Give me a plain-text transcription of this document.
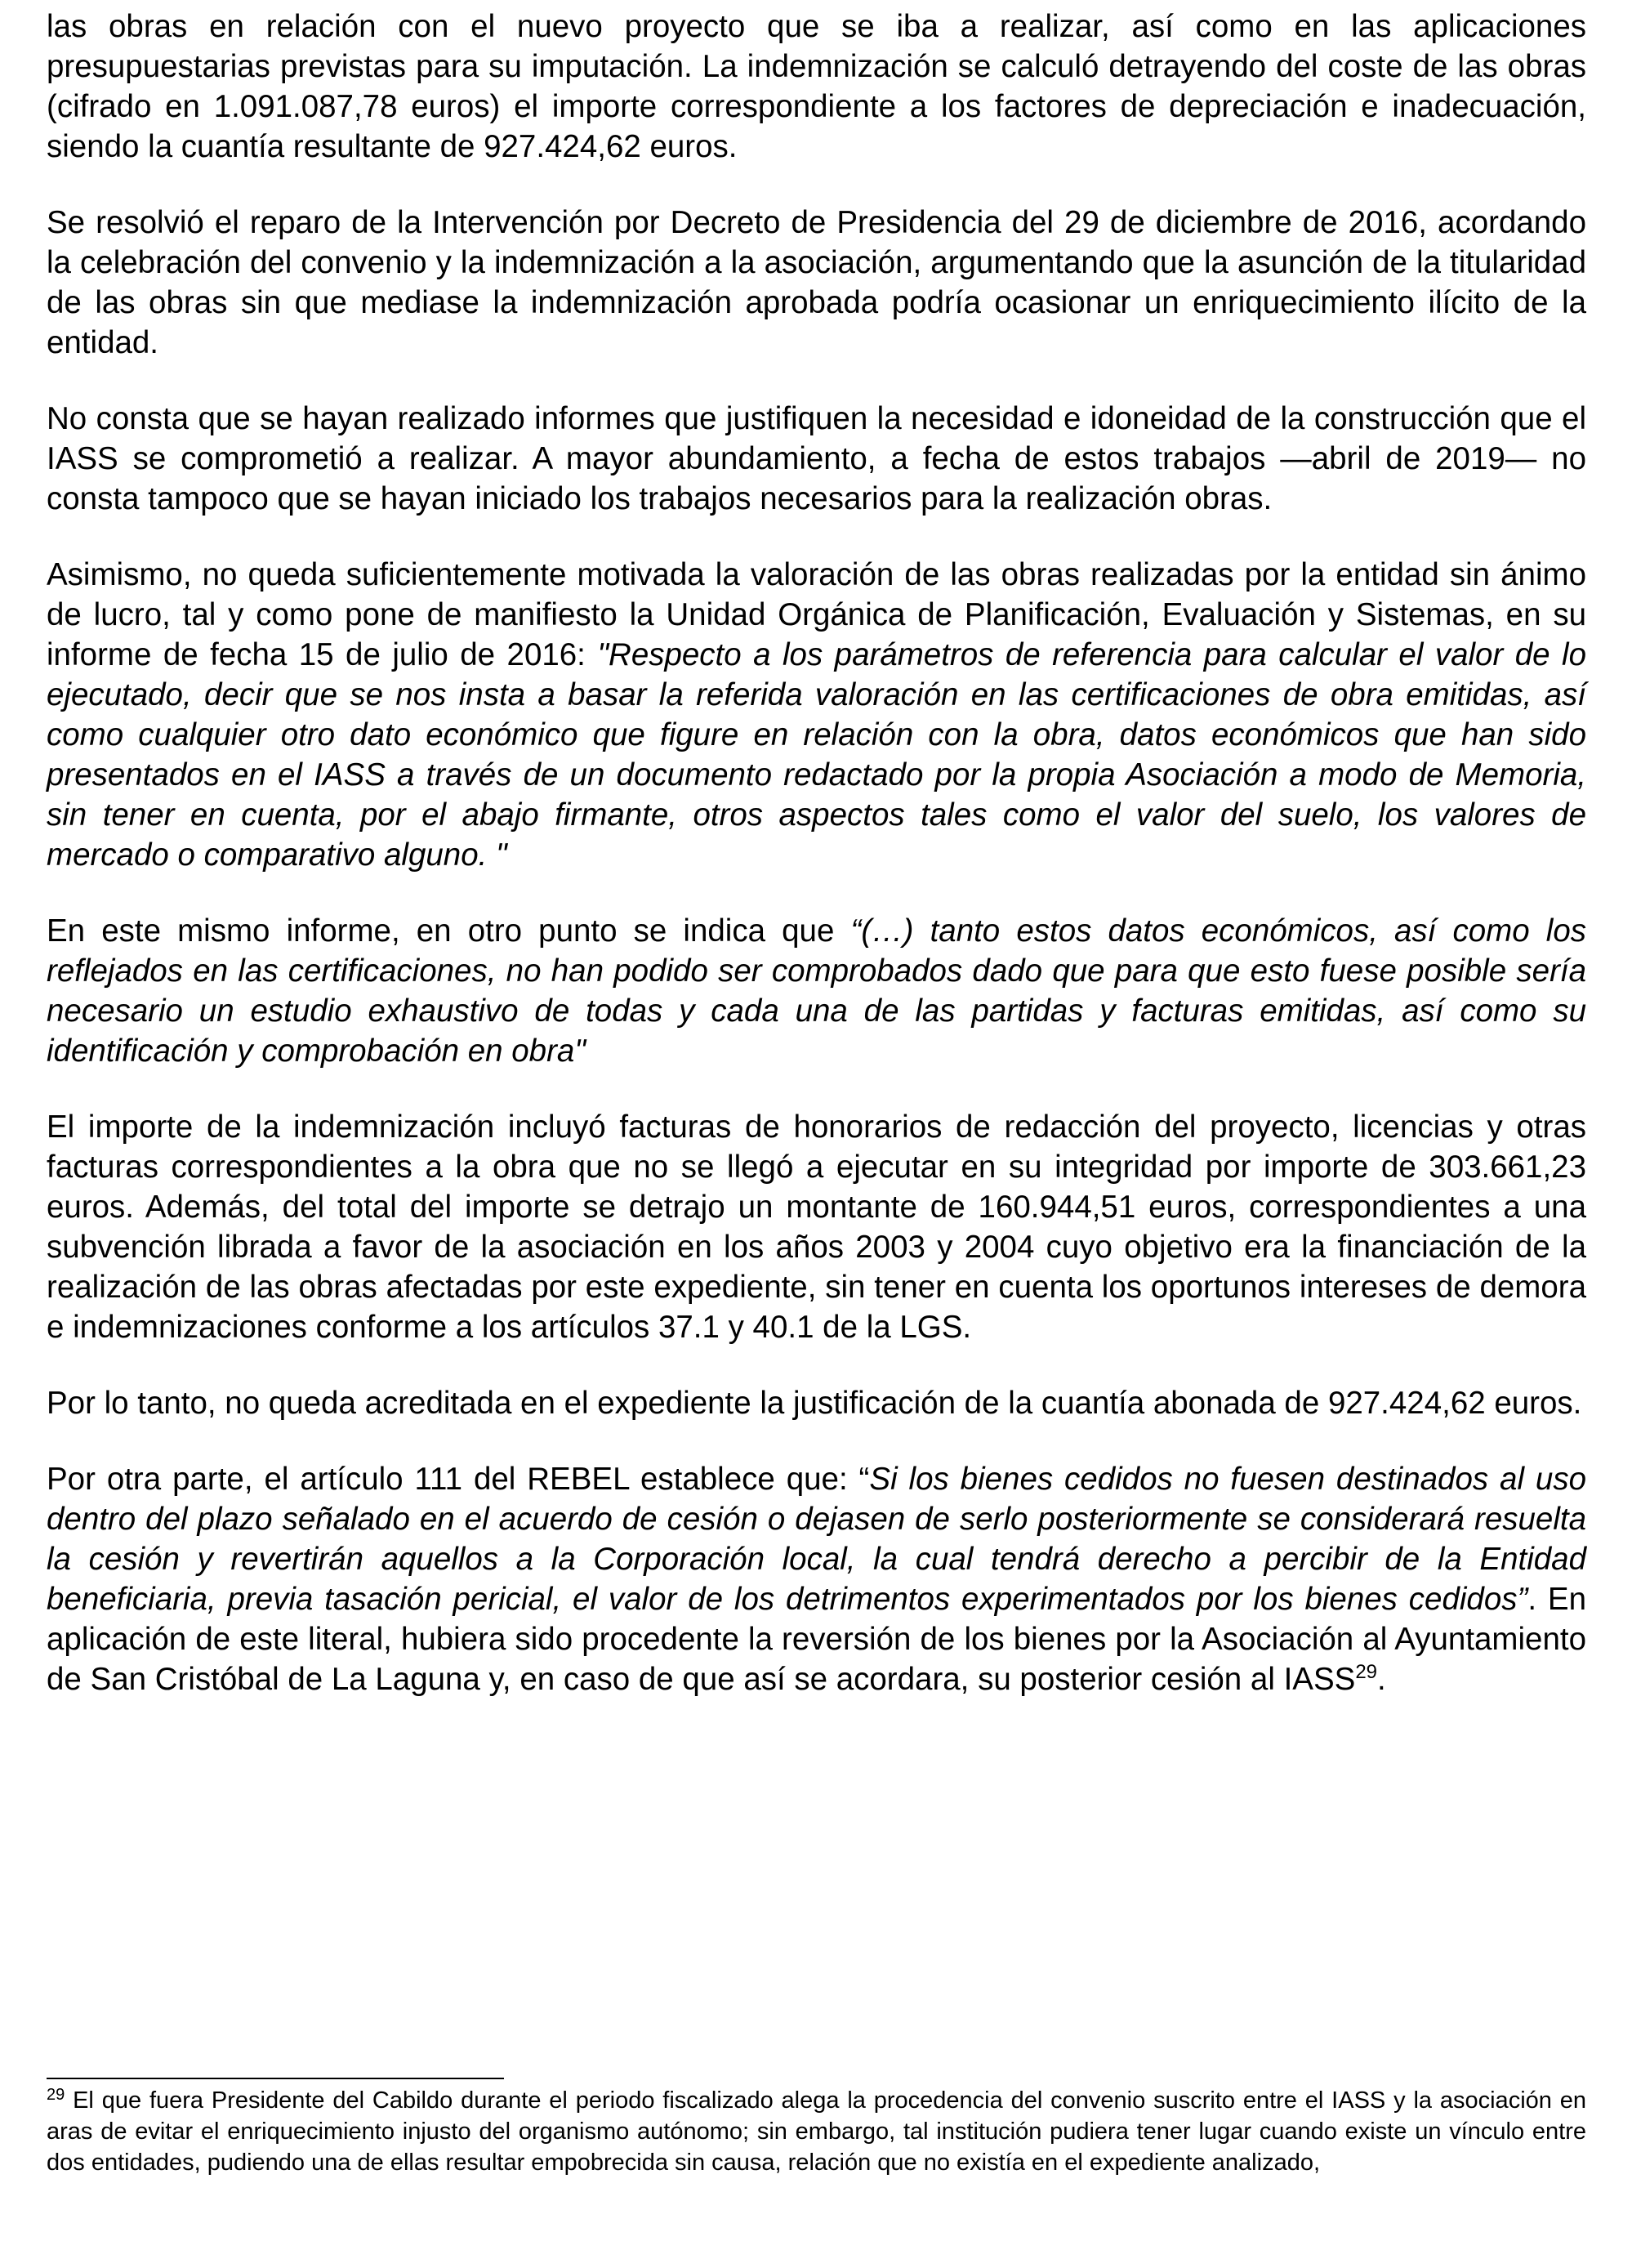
las obras en relación con el nuevo proyecto que se iba a realizar, así como en las aplicaciones presupuestarias previstas para su imputación. La indemnización se calculó detrayendo del coste de las obras (cifrado en 1.091.087,78 euros) el importe correspondiente a los factores de depreciación e inadecuación, siendo la cuantía resultante de 927.424,62 euros.

Se resolvió el reparo de la Intervención por Decreto de Presidencia del 29 de diciembre de 2016, acordando la celebración del convenio y la indemnización a la asociación, argumentando que la asunción de la titularidad de las obras sin que mediase la indemnización aprobada podría ocasionar un enriquecimiento ilícito de la entidad.

No consta que se hayan realizado informes que justifiquen la necesidad e idoneidad de la construcción que el IASS se comprometió a realizar. A mayor abundamiento, a fecha de estos trabajos —abril de 2019— no consta tampoco que se hayan iniciado los trabajos necesarios para la realización obras.

Asimismo, no queda suficientemente motivada la valoración de las obras realizadas por la entidad sin ánimo de lucro, tal y como pone de manifiesto la Unidad Orgánica de Planificación, Evaluación y Sistemas, en su informe de fecha 15 de julio de 2016: "Respecto a los parámetros de referencia para calcular el valor de lo ejecutado, decir que se nos insta a basar la referida valoración en las certificaciones de obra emitidas, así como cualquier otro dato económico que figure en relación con la obra, datos económicos que han sido presentados en el IASS a través de un documento redactado por la propia Asociación a modo de Memoria, sin tener en cuenta, por el abajo firmante, otros aspectos tales como el valor del suelo, los valores de mercado o comparativo alguno. "

En este mismo informe, en otro punto se indica que “(…) tanto estos datos económicos, así como los reflejados en las certificaciones, no han podido ser comprobados dado que para que esto fuese posible sería necesario un estudio exhaustivo de todas y cada una de las partidas y facturas emitidas, así como su identificación y comprobación en obra"

El importe de la indemnización incluyó facturas de honorarios de redacción del proyecto, licencias y otras facturas correspondientes a la obra que no se llegó a ejecutar en su integridad por importe de 303.661,23 euros. Además, del total del importe se detrajo un montante de 160.944,51 euros, correspondientes a una subvención librada a favor de la asociación en los años 2003 y 2004 cuyo objetivo era la financiación de la realización de las obras afectadas por este expediente, sin tener en cuenta los oportunos intereses de demora e indemnizaciones conforme a los artículos 37.1 y 40.1 de la LGS.

Por lo tanto, no queda acreditada en el expediente la justificación de la cuantía abonada de 927.424,62 euros.

Por otra parte, el artículo 111 del REBEL establece que: “Si los bienes cedidos no fuesen destinados al uso dentro del plazo señalado en el acuerdo de cesión o dejasen de serlo posteriormente se considerará resuelta la cesión y revertirán aquellos a la Corporación local, la cual tendrá derecho a percibir de la Entidad beneficiaria, previa tasación pericial, el valor de los detrimentos experimentados por los bienes cedidos”. En aplicación de este literal, hubiera sido procedente la reversión de los bienes por la Asociación al Ayuntamiento de San Cristóbal de La Laguna y, en caso de que así se acordara, su posterior cesión al IASS$^{29}$.

$^{29}$ El que fuera Presidente del Cabildo durante el periodo fiscalizado alega la procedencia del convenio suscrito entre el IASS y la asociación en aras de evitar el enriquecimiento injusto del organismo autónomo; sin embargo, tal institución pudiera tener lugar cuando existe un vínculo entre dos entidades, pudiendo una de ellas resultar empobrecida sin causa, relación que no existía en el expediente analizado,
